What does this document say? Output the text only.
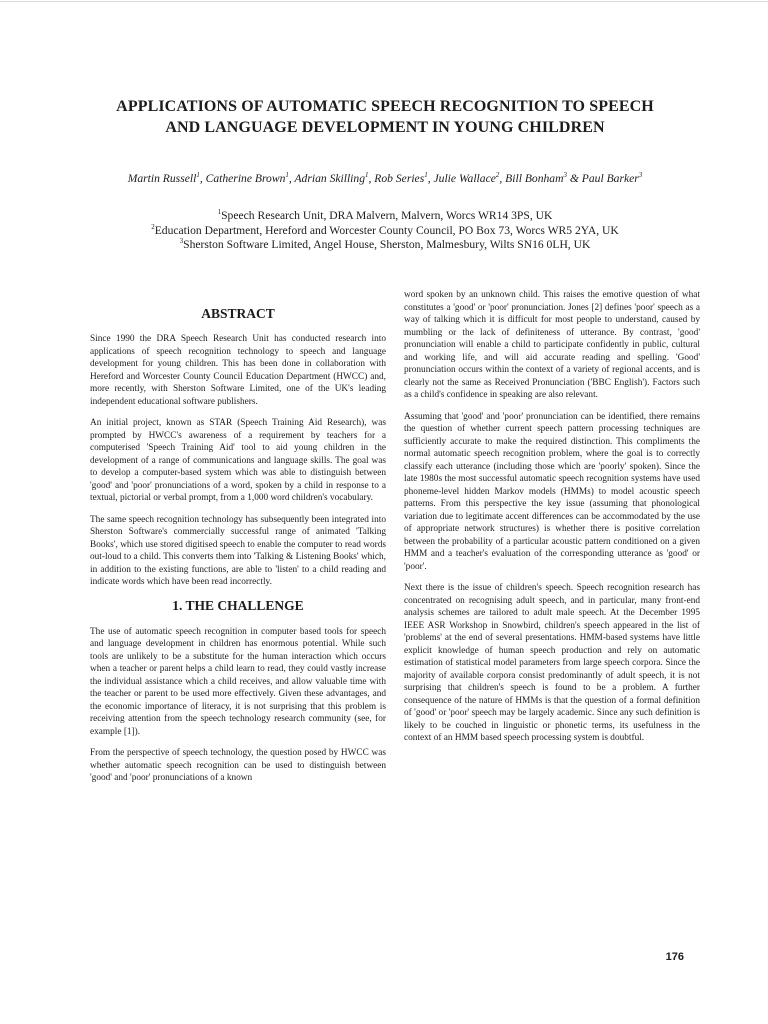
APPLICATIONS OF AUTOMATIC SPEECH RECOGNITION TO SPEECH
AND LANGUAGE DEVELOPMENT IN YOUNG CHILDREN
Martin Russell$^1$, Catherine Brown$^1$, Adrian Skilling$^1$, Rob Series$^1$, Julie Wallace$^2$, Bill Bonham$^3$ & Paul Barker$^3$
$^1$Speech Research Unit, DRA Malvern, Malvern, Worcs WR14 3PS, UK
$^2$Education Department, Hereford and Worcester County Council, PO Box 73, Worcs WR5 2YA, UK
$^3$Sherston Software Limited, Angel House, Sherston, Malmesbury, Wilts SN16 0LH, UK
ABSTRACT

Since 1990 the DRA Speech Research Unit has conducted research into applications of speech recognition technology to speech and language development for young children. This has been done in collaboration with Hereford and Worcester County Council Education Department (HWCC) and, more recently, with Sherston Software Limited, one of the UK's leading independent educational software publishers.

An initial project, known as STAR (Speech Training Aid Research), was prompted by HWCC's awareness of a requirement by teachers for a computerised 'Speech Training Aid' tool to aid young children in the development of a range of communications and language skills. The goal was to develop a computer-based system which was able to distinguish between 'good' and 'poor' pronunciations of a word, spoken by a child in response to a textual, pictorial or verbal prompt, from a 1,000 word children's vocabulary.

The same speech recognition technology has subsequently been integrated into Sherston Software's commercially successful range of animated 'Talking Books', which use stored digitised speech to enable the computer to read words out-loud to a child. This converts them into 'Talking & Listening Books' which, in addition to the existing functions, are able to 'listen' to a child reading and indicate words which have been read incorrectly.

1. THE CHALLENGE

The use of automatic speech recognition in computer based tools for speech and language development in children has enormous potential. While such tools are unlikely to be a substitute for the human interaction which occurs when a teacher or parent helps a child learn to read, they could vastly increase the individual assistance which a child receives, and allow valuable time with the teacher or parent to be used more effectively. Given these advantages, and the economic importance of literacy, it is not surprising that this problem is receiving attention from the speech technology research community (see, for example [1]).

From the perspective of speech technology, the question posed by HWCC was whether automatic speech recognition can be used to distinguish between 'good' and 'poor' pronunciations of a known

word spoken by an unknown child. This raises the emotive question of what constitutes a 'good' or 'poor' pronunciation. Jones [2] defines 'poor' speech as a way of talking which it is difficult for most people to understand, caused by mumbling or the lack of definiteness of utterance. By contrast, 'good' pronunciation will enable a child to participate confidently in public, cultural and working life, and will aid accurate reading and spelling. 'Good' pronunciation occurs within the context of a variety of regional accents, and is clearly not the same as Received Pronunciation ('BBC English'). Factors such as a child's confidence in speaking are also relevant.

Assuming that 'good' and 'poor' pronunciation can be identified, there remains the question of whether current speech pattern processing techniques are sufficiently accurate to make the required distinction. This compliments the normal automatic speech recognition problem, where the goal is to correctly classify each utterance (including those which are 'poorly' spoken). Since the late 1980s the most successful automatic speech recognition systems have used phoneme-level hidden Markov models (HMMs) to model acoustic speech patterns. From this perspective the key issue (assuming that phonological variation due to legitimate accent differences can be accommodated by the use of appropriate network structures) is whether there is positive correlation between the probability of a particular acoustic pattern conditioned on a given HMM and a teacher's evaluation of the corresponding utterance as 'good' or 'poor'.

Next there is the issue of children's speech. Speech recognition research has concentrated on recognising adult speech, and in particular, many front-end analysis schemes are tailored to adult male speech. At the December 1995 IEEE ASR Workshop in Snowbird, children's speech appeared in the list of 'problems' at the end of several presentations. HMM-based systems have little explicit knowledge of human speech production and rely on automatic estimation of statistical model parameters from large speech corpora. Since the majority of available corpora consist predominantly of adult speech, it is not surprising that children's speech is found to be a problem. A further consequence of the nature of HMMs is that the question of a formal definition of 'good' or 'poor' speech may be largely academic. Since any such definition is likely to be couched in linguistic or phonetic terms, its usefulness in the context of an HMM based speech processing system is doubtful.

176
